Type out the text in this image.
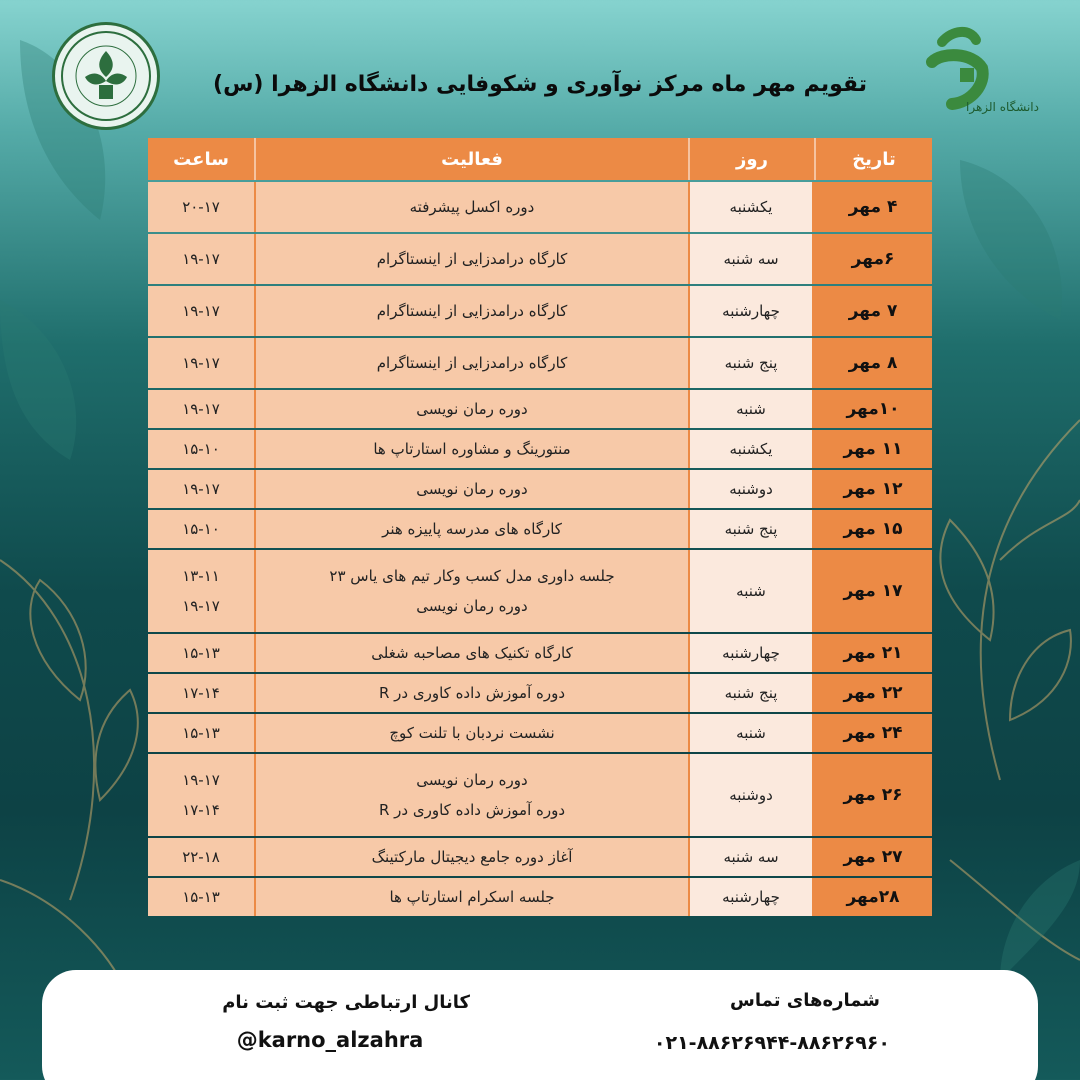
دانشگاه الزهرا
تقویم مهر ماه مرکز نوآوری و شکوفایی دانشگاه الزهرا (س)
تاریخ
روز
فعالیت
ساعت
۴ مهر
یکشنبه
دوره اکسل پیشرفته
۲۰-۱۷
۶مهر
سه شنبه
کارگاه درامدزایی از اینستاگرام
۱۹-۱۷
۷ مهر
چهارشنبه
کارگاه درامدزایی از اینستاگرام
۱۹-۱۷
۸ مهر
پنج شنبه
کارگاه درامدزایی از اینستاگرام
۱۹-۱۷
۱۰مهر
شنبه
دوره رمان نویسی
۱۹-۱۷
۱۱ مهر
یکشنبه
منتورینگ و مشاوره استارتاپ ها
۱۵-۱۰
۱۲ مهر
دوشنبه
دوره رمان نویسی
۱۹-۱۷
۱۵ مهر
پنج شنبه
کارگاه های مدرسه پاییزه هنر
۱۵-۱۰
۱۷ مهر
شنبه
جلسه داوری مدل کسب وکار تیم های یاس ۲۳
دوره رمان نویسی
۱۳-۱۱
۱۹-۱۷
۲۱ مهر
چهارشنبه
کارگاه تکنیک های مصاحبه شغلی
۱۵-۱۳
۲۲ مهر
پنج شنبه
دوره آموزش داده کاوری در R
۱۷-۱۴
۲۴ مهر
شنبه
نشست نردبان با تلنت کوچ
۱۵-۱۳
۲۶ مهر
دوشنبه
دوره رمان نویسی
دوره آموزش داده کاوری در R
۱۹-۱۷
۱۷-۱۴
۲۷ مهر
سه شنبه
آغاز دوره جامع دیجیتال مارکتینگ
۲۲-۱۸
۲۸مهر
چهارشنبه
جلسه اسکرام استارتاپ ها
۱۵-۱۳
شماره‌های تماس
۰۲۱-۸۸۶۲۶۹۴۴-۸۸۶۲۶۹۶۰
کانال ارتباطی جهت ثبت نام
@karno_alzahra
